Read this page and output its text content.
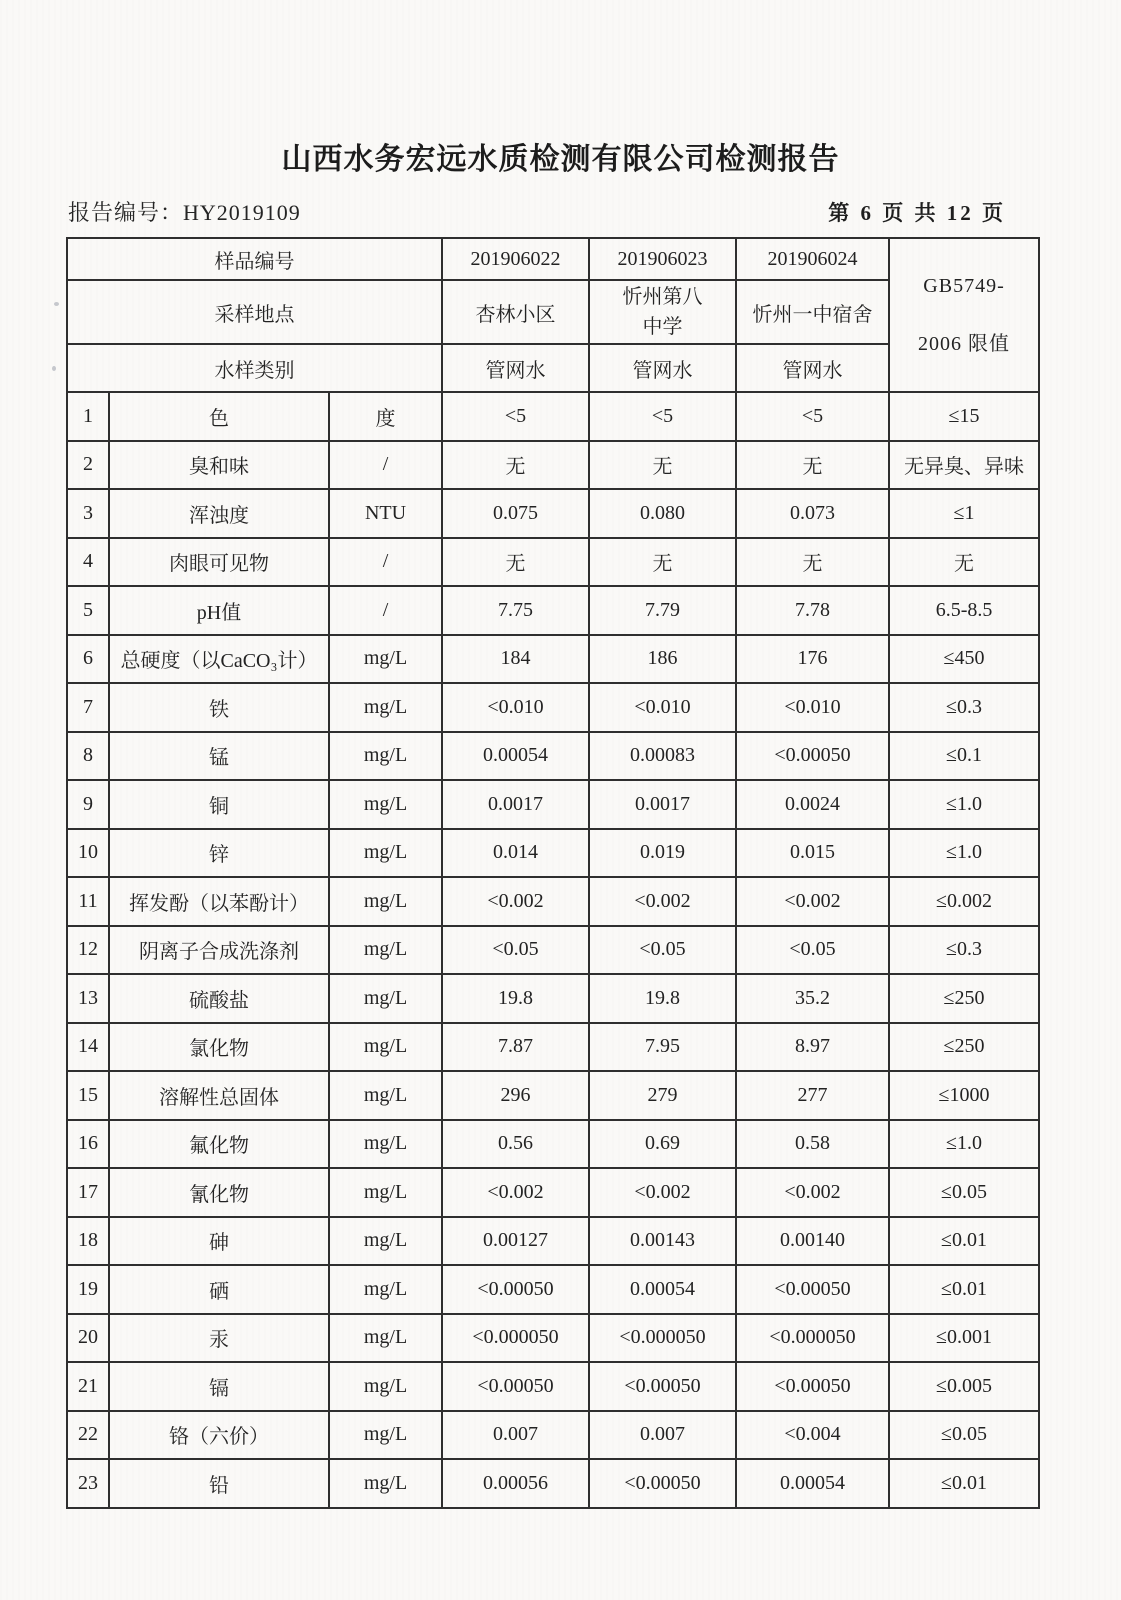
山西水务宏远水质检测有限公司检测报告
报告编号：HY2019109	第 6 页 共 12 页
样品编号			201906022	201906023	201906024	GB5749-
2006 限值

采样地点			杏林小区	忻州第八中学	忻州一中宿舍	
水样类别			管网水	管网水	管网水	
1	色	度	<5	<5	<5	≤15
2	臭和味	/	无	无	无	无异臭、异味
3	浑浊度	NTU	0.075	0.080	0.073	≤1
4	肉眼可见物	/	无	无	无	无
5	pH值	/	7.75	7.79	7.78	6.5-8.5
6	总硬度（以CaCO₃计）	mg/L	184	186	176	≤450
7	铁	mg/L	<0.010	<0.010	<0.010	≤0.3
8	锰	mg/L	0.00054	0.00083	<0.00050	≤0.1
9	铜	mg/L	0.0017	0.0017	0.0024	≤1.0
10	锌	mg/L	0.014	0.019	0.015	≤1.0
11	挥发酚（以苯酚计）	mg/L	<0.002	<0.002	<0.002	≤0.002
12	阴离子合成洗涤剂	mg/L	<0.05	<0.05	<0.05	≤0.3
13	硫酸盐	mg/L	19.8	19.8	35.2	≤250
14	氯化物	mg/L	7.87	7.95	8.97	≤250
15	溶解性总固体	mg/L	296	279	277	≤1000
16	氟化物	mg/L	0.56	0.69	0.58	≤1.0
17	氰化物	mg/L	<0.002	<0.002	<0.002	≤0.05
18	砷	mg/L	0.00127	0.00143	0.00140	≤0.01
19	硒	mg/L	<0.00050	0.00054	<0.00050	≤0.01
20	汞	mg/L	<0.000050	<0.000050	<0.000050	≤0.001
21	镉	mg/L	<0.00050	<0.00050	<0.00050	≤0.005
22	铬（六价）	mg/L	0.007	0.007	<0.004	≤0.05
23	铅	mg/L	0.00056	<0.00050	0.00054	≤0.01
